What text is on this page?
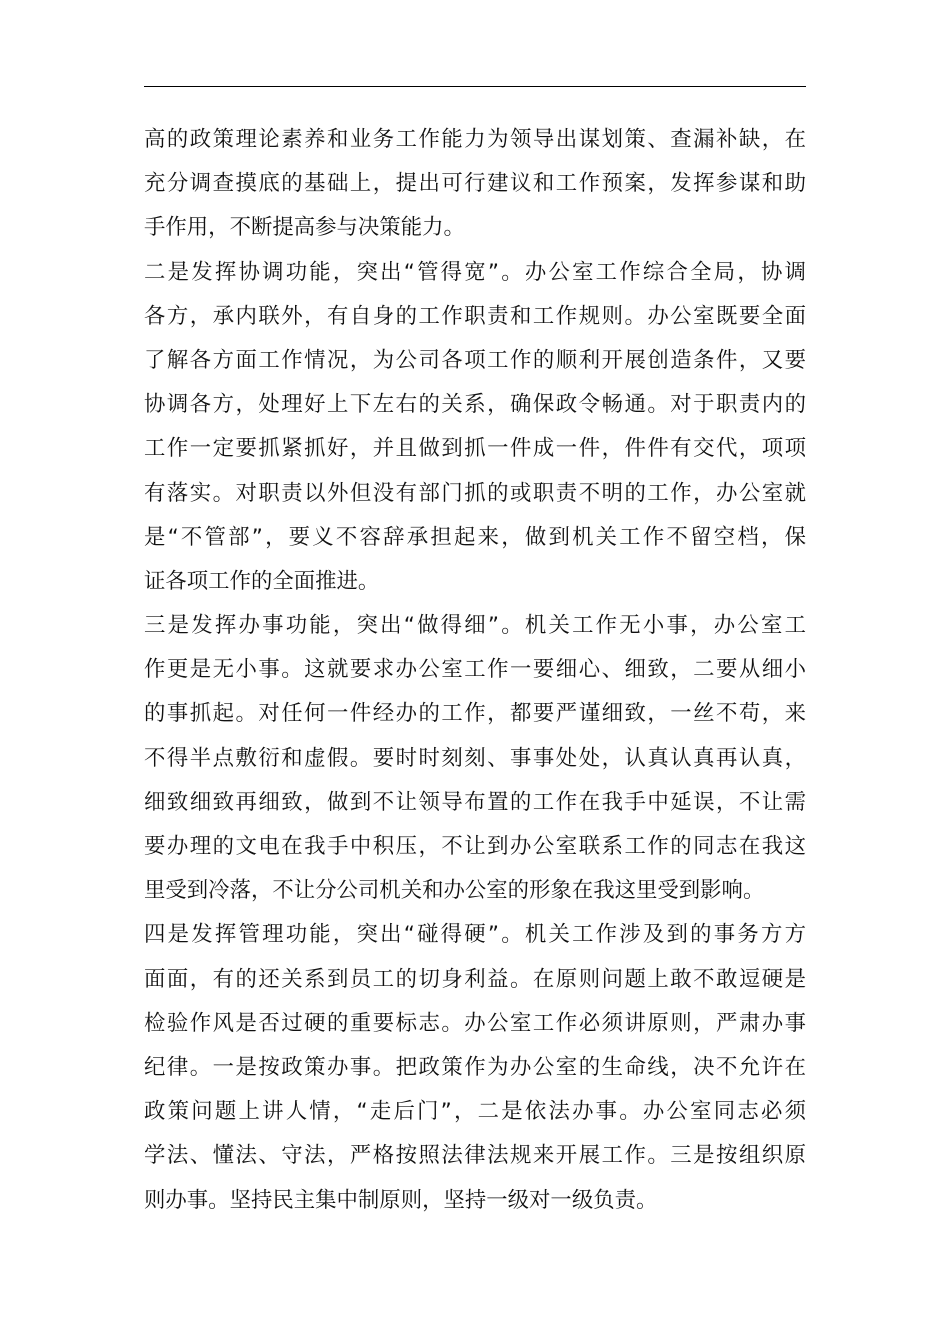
高的政策理论素养和业务工作能力为领导出谋划策、查漏补缺，在
充分调查摸底的基础上，提出可行建议和工作预案，发挥参谋和助
手作用，不断提高参与决策能力。
二是发挥协调功能，突出“管得宽”。办公室工作综合全局，协调
各方，承内联外，有自身的工作职责和工作规则。办公室既要全面
了解各方面工作情况，为公司各项工作的顺利开展创造条件，又要
协调各方，处理好上下左右的关系，确保政令畅通。对于职责内的
工作一定要抓紧抓好，并且做到抓一件成一件，件件有交代，项项
有落实。对职责以外但没有部门抓的或职责不明的工作，办公室就
是“不管部”，要义不容辞承担起来，做到机关工作不留空档，保
证各项工作的全面推进。
三是发挥办事功能，突出“做得细”。机关工作无小事，办公室工
作更是无小事。这就要求办公室工作一要细心、细致，二要从细小
的事抓起。对任何一件经办的工作，都要严谨细致，一丝不苟，来
不得半点敷衍和虚假。要时时刻刻、事事处处，认真认真再认真，
细致细致再细致，做到不让领导布置的工作在我手中延误，不让需
要办理的文电在我手中积压，不让到办公室联系工作的同志在我这
里受到冷落，不让分公司机关和办公室的形象在我这里受到影响。
四是发挥管理功能，突出“碰得硬”。机关工作涉及到的事务方方
面面，有的还关系到员工的切身利益。在原则问题上敢不敢逗硬是
检验作风是否过硬的重要标志。办公室工作必须讲原则，严肃办事
纪律。一是按政策办事。把政策作为办公室的生命线，决不允许在
政策问题上讲人情，“走后门”，二是依法办事。办公室同志必须
学法、懂法、守法，严格按照法律法规来开展工作。三是按组织原
则办事。坚持民主集中制原则，坚持一级对一级负责。
